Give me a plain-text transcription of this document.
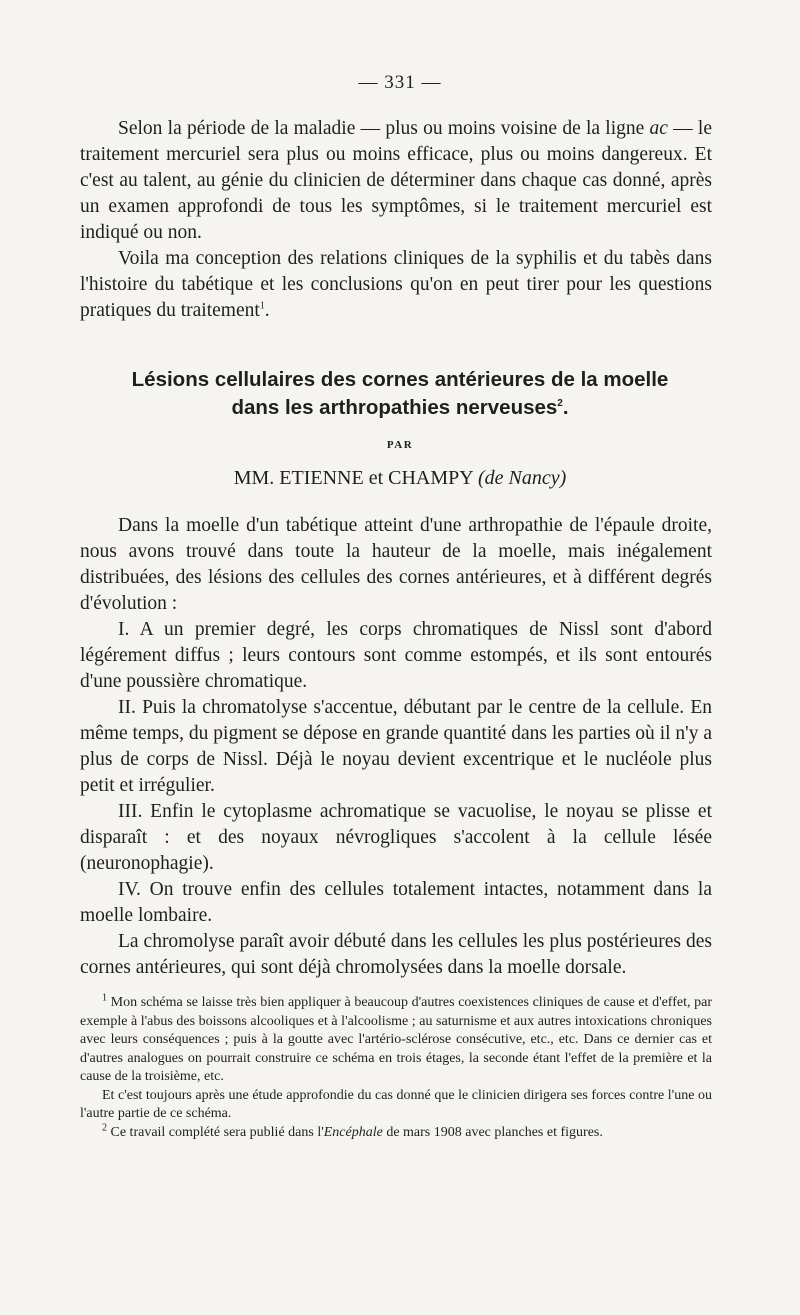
— 331 —

Selon la période de la maladie — plus ou moins voisine de la ligne ac — le traitement mercuriel sera plus ou moins efficace, plus ou moins dangereux. Et c'est au talent, au génie du clinicien de déterminer dans chaque cas donné, après un examen approfondi de tous les symptômes, si le traitement mercuriel est indiqué ou non.

Voila ma conception des relations cliniques de la syphilis et du tabès dans l'histoire du tabétique et les conclusions qu'on en peut tirer pour les questions pratiques du traitement$^1$.

Lésions cellulaires des cornes antérieures de la moelle
dans les arthropathies nerveuses$^2$.
PAR
MM. ETIENNE et CHAMPY (de Nancy)

Dans la moelle d'un tabétique atteint d'une arthropathie de l'épaule droite, nous avons trouvé dans toute la hauteur de la moelle, mais inégalement distribuées, des lésions des cellules des cornes antérieures, et à différent degrés d'évolution :

I. A un premier degré, les corps chromatiques de Nissl sont d'abord légérement diffus ; leurs contours sont comme estompés, et ils sont entourés d'une poussière chromatique.

II. Puis la chromatolyse s'accentue, débutant par le centre de la cellule. En même temps, du pigment se dépose en grande quantité dans les parties où il n'y a plus de corps de Nissl. Déjà le noyau devient excentrique et le nucléole plus petit et irrégulier.

III. Enfin le cytoplasme achromatique se vacuolise, le noyau se plisse et disparaît : et des noyaux névrogliques s'accolent à la cellule lésée (neuronophagie).

IV. On trouve enfin des cellules totalement intactes, notamment dans la moelle lombaire.

La chromolyse paraît avoir débuté dans les cellules les plus postérieures des cornes antérieures, qui sont déjà chromolysées dans la moelle dorsale.

$^1$ Mon schéma se laisse très bien appliquer à beaucoup d'autres coexistences cliniques de cause et d'effet, par exemple à l'abus des boissons alcooliques et à l'alcoolisme ; au saturnisme et aux autres intoxications chroniques avec leurs conséquences ; puis à la goutte avec l'artério-sclérose consécutive, etc., etc. Dans ce dernier cas et d'autres analogues on pourrait construire ce schéma en trois étages, la seconde étant l'effet de la première et la cause de la troisième, etc.

Et c'est toujours après une étude approfondie du cas donné que le clinicien dirigera ses forces contre l'une ou l'autre partie de ce schéma.

$^2$ Ce travail complété sera publié dans l'Encéphale de mars 1908 avec planches et figures.
